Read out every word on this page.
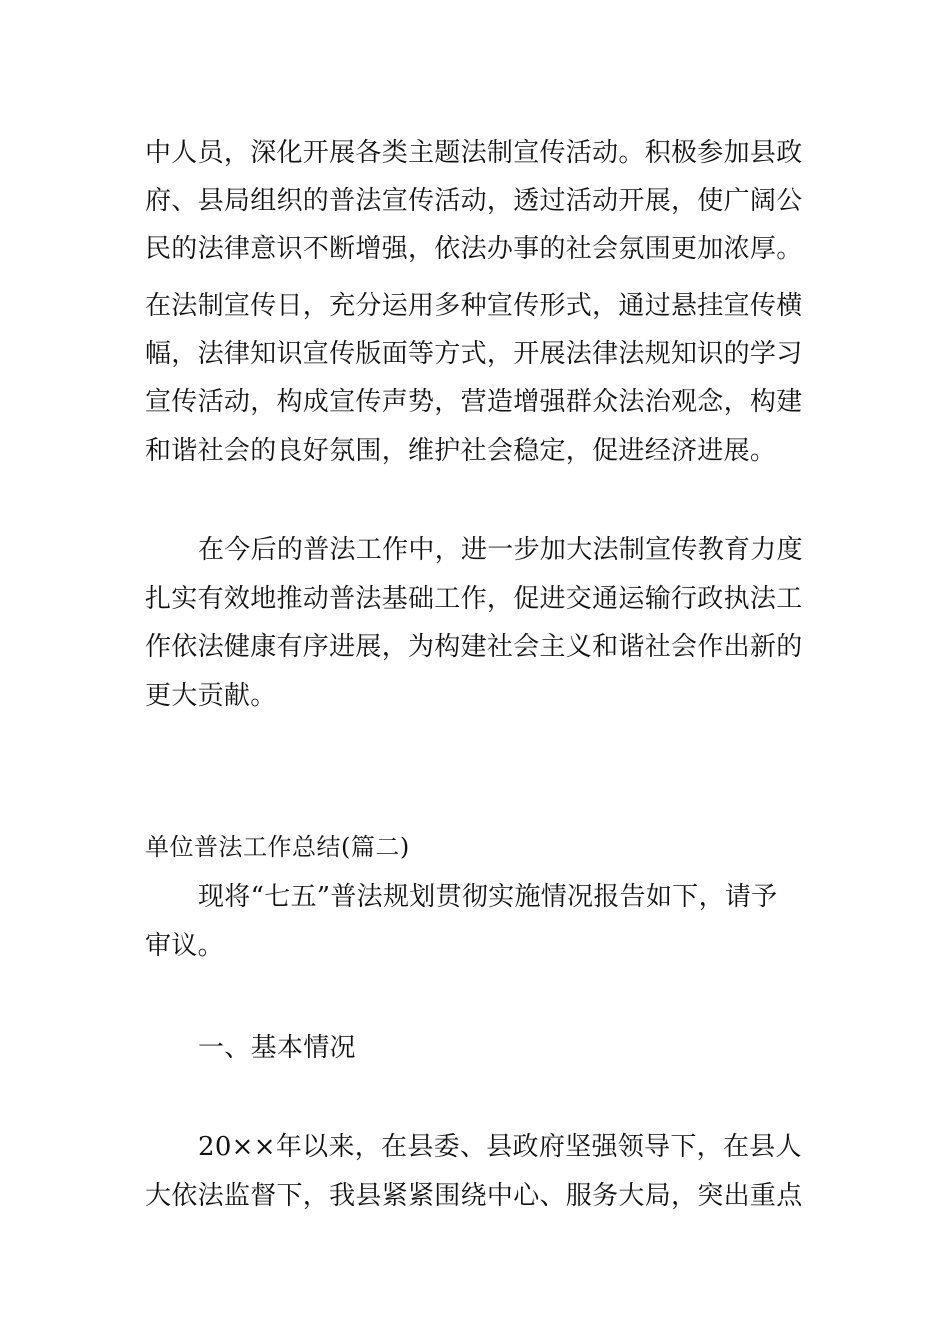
中人员，深化开展各类主题法制宣传活动。积极参加县政
府、县局组织的普法宣传活动，透过活动开展，使广阔公
民的法律意识不断增强，依法办事的社会氛围更加浓厚。
在法制宣传日，充分运用多种宣传形式，通过悬挂宣传横
幅，法律知识宣传版面等方式，开展法律法规知识的学习
宣传活动，构成宣传声势，营造增强群众法治观念，构建
和谐社会的良好氛围，维护社会稳定，促进经济进展。
在今后的普法工作中，进一步加大法制宣传教育力度
扎实有效地推动普法基础工作，促进交通运输行政执法工
作依法健康有序进展，为构建社会主义和谐社会作出新的
更大贡献。
单位普法工作总结(篇二)
现将“七五”普法规划贯彻实施情况报告如下，请予
审议。
一、基本情况
20××年以来，在县委、县政府坚强领导下，在县人
大依法监督下，我县紧紧围绕中心、服务大局，突出重点
